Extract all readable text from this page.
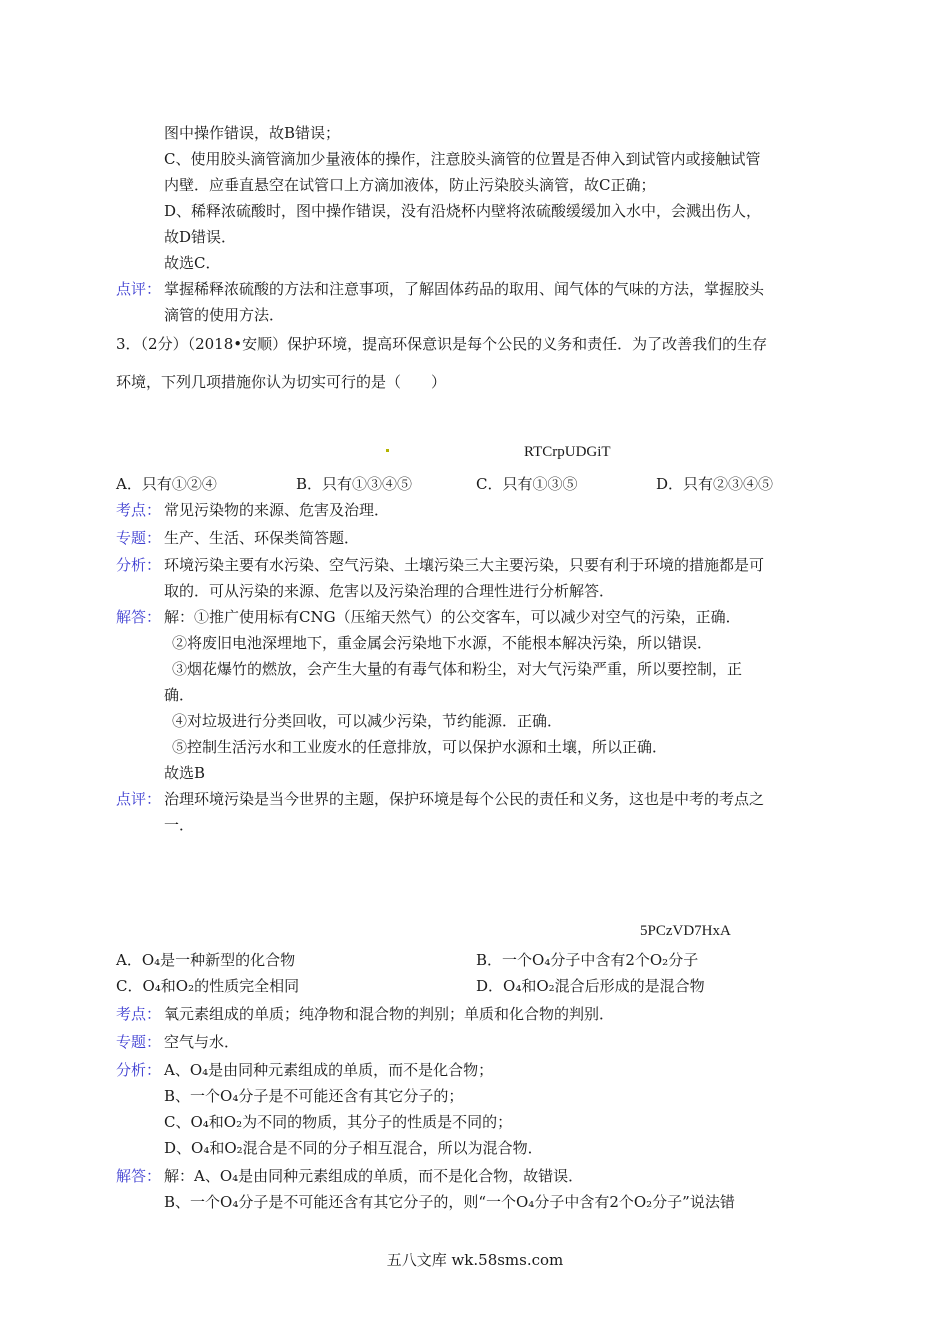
图中操作错误，故B错误；
C、使用胶头滴管滴加少量液体的操作，注意胶头滴管的位置是否伸入到试管内或接触试管
内壁．应垂直悬空在试管口上方滴加液体，防止污染胶头滴管，故C正确；
D、稀释浓硫酸时，图中操作错误，没有沿烧杯内壁将浓硫酸缓缓加入水中，会溅出伤人，
故D错误．
故选C．
点评： 掌握稀释浓硫酸的方法和注意事项，了解固体药品的取用、闻气体的气味的方法，掌握胶头
滴管的使用方法．
3．（2分）（2018•安顺）保护环境，提高环保意识是每个公民的义务和责任．为了改善我们的生存
环境，下列几项措施你认为切实可行的是（　　）
RTCrpUDGiT
A．只有①②④	B．只有①③④⑤	C．只有①③⑤	D．只有②③④⑤
考点： 常见污染物的来源、危害及治理．
专题： 生产、生活、环保类简答题．
分析： 环境污染主要有水污染、空气污染、土壤污染三大主要污染，只要有利于环境的措施都是可
取的．可从污染的来源、危害以及污染治理的合理性进行分析解答．
解答： 解：①推广使用标有CNG（压缩天然气）的公交客车，可以减少对空气的污染，正确．
②将废旧电池深埋地下，重金属会污染地下水源，不能根本解决污染，所以错误．
③烟花爆竹的燃放，会产生大量的有毒气体和粉尘，对大气污染严重，所以要控制，正
确．
④对垃圾进行分类回收，可以减少污染，节约能源．正确．
⑤控制生活污水和工业废水的任意排放，可以保护水源和土壤，所以正确．
故选B
点评： 治理环境污染是当今世界的主题，保护环境是每个公民的责任和义务，这也是中考的考点之
一．
5PCzVD7HxA
A．O₄是一种新型的化合物	B．一个O₄分子中含有2个O₂分子
C．O₄和O₂的性质完全相同	D．O₄和O₂混合后形成的是混合物
考点： 氧元素组成的单质；纯净物和混合物的判别；单质和化合物的判别．
专题： 空气与水．
分析： A、O₄是由同种元素组成的单质，而不是化合物；
B、一个O₄分子是不可能还含有其它分子的；
C、O₄和O₂为不同的物质，其分子的性质是不同的；
D、O₄和O₂混合是不同的分子相互混合，所以为混合物．
解答： 解：A、O₄是由同种元素组成的单质，而不是化合物，故错误．
B、一个O₄分子是不可能还含有其它分子的，则“一个O₄分子中含有2个O₂分子”说法错
五八文库 wk.58sms.com
